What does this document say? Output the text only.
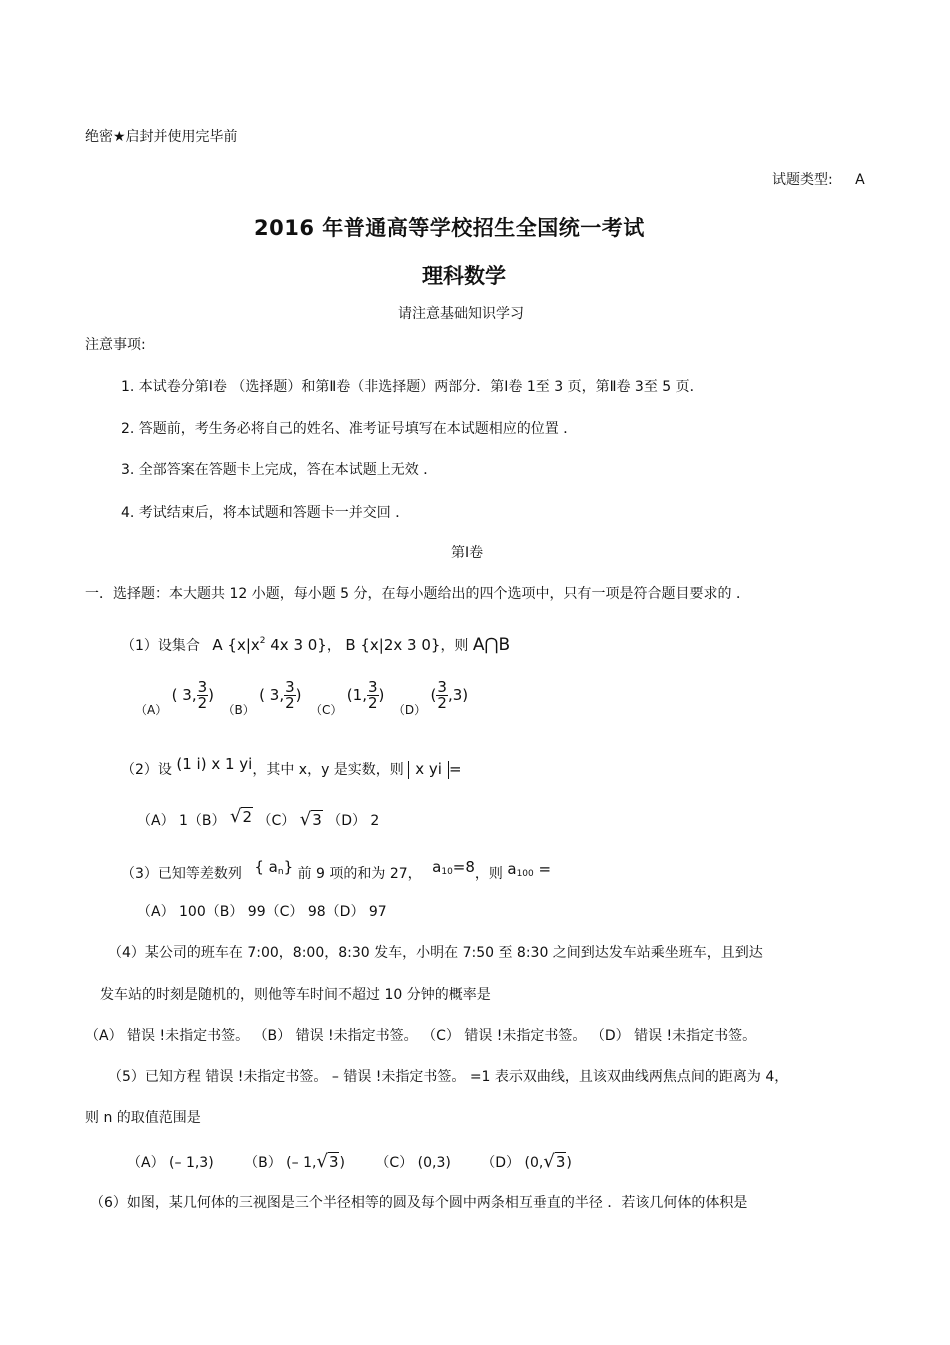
绝密★启封并使用完毕前
试题类型: A
2016 年普通高等学校招生全国统一考试
理科数学
请注意基础知识学习
注意事项:
1. 本试卷分第Ⅰ卷 （选择题）和第Ⅱ卷（非选择题）两部分．第Ⅰ卷 1至 3 页，第Ⅱ卷 3至 5 页．
2. 答题前，考生务必将自己的姓名、准考证号填写在本试题相应的位置 ．
3. 全部答案在答题卡上完成，答在本试题上无效 ．
4. 考试结束后，将本试题和答题卡一并交回 ．
第Ⅰ卷
一．选择题：本大题共 12 小题，每小题 5 分，在每小题给出的四个选项中，只有一项是符合题目要求的 ．
（1）设集合 A {$x|x^2$ 4x 3 0}， B {x|2x 3 0}，则 A⋂B
（A） ( 3, $\frac{3}{2}$ ) （B） ( 3, $\frac{3}{2}$ ) （C） (1, $\frac{3}{2}$ ) （D） ( $\frac{3}{2} ,3$)
（2）设 (1 i) x 1 yi，其中 x，y 是实数，则 x yi =
（A） 1（B） √2 （C） √3 （D） 2
（3）已知等差数列 { an} 前 9 项的和为 27， a10=8，则 a100 =
（A） 100（B） 99（C） 98（D） 97
（4）某公司的班车在 7:00，8:00，8:30 发车，小明在 7:50 至 8:30 之间到达发车站乘坐班车，且到达
发车站的时刻是随机的，则他等车时间不超过 10 分钟的概率是
（A） 错误 !未指定书签。 （B） 错误 !未指定书签。 （C） 错误 !未指定书签。 （D） 错误 !未指定书签。
（5）已知方程 错误 !未指定书签。 – 错误 !未指定书签。 =1 表示双曲线，且该双曲线两焦点间的距离为 4，
则 n 的取值范围是
（A） (– 1,3) （B） (– 1,√3) （C） (0,3) （D） (0,√3)
（6）如图，某几何体的三视图是三个半径相等的圆及每个圆中两条相互垂直的半径 ．若该几何体的体积是
